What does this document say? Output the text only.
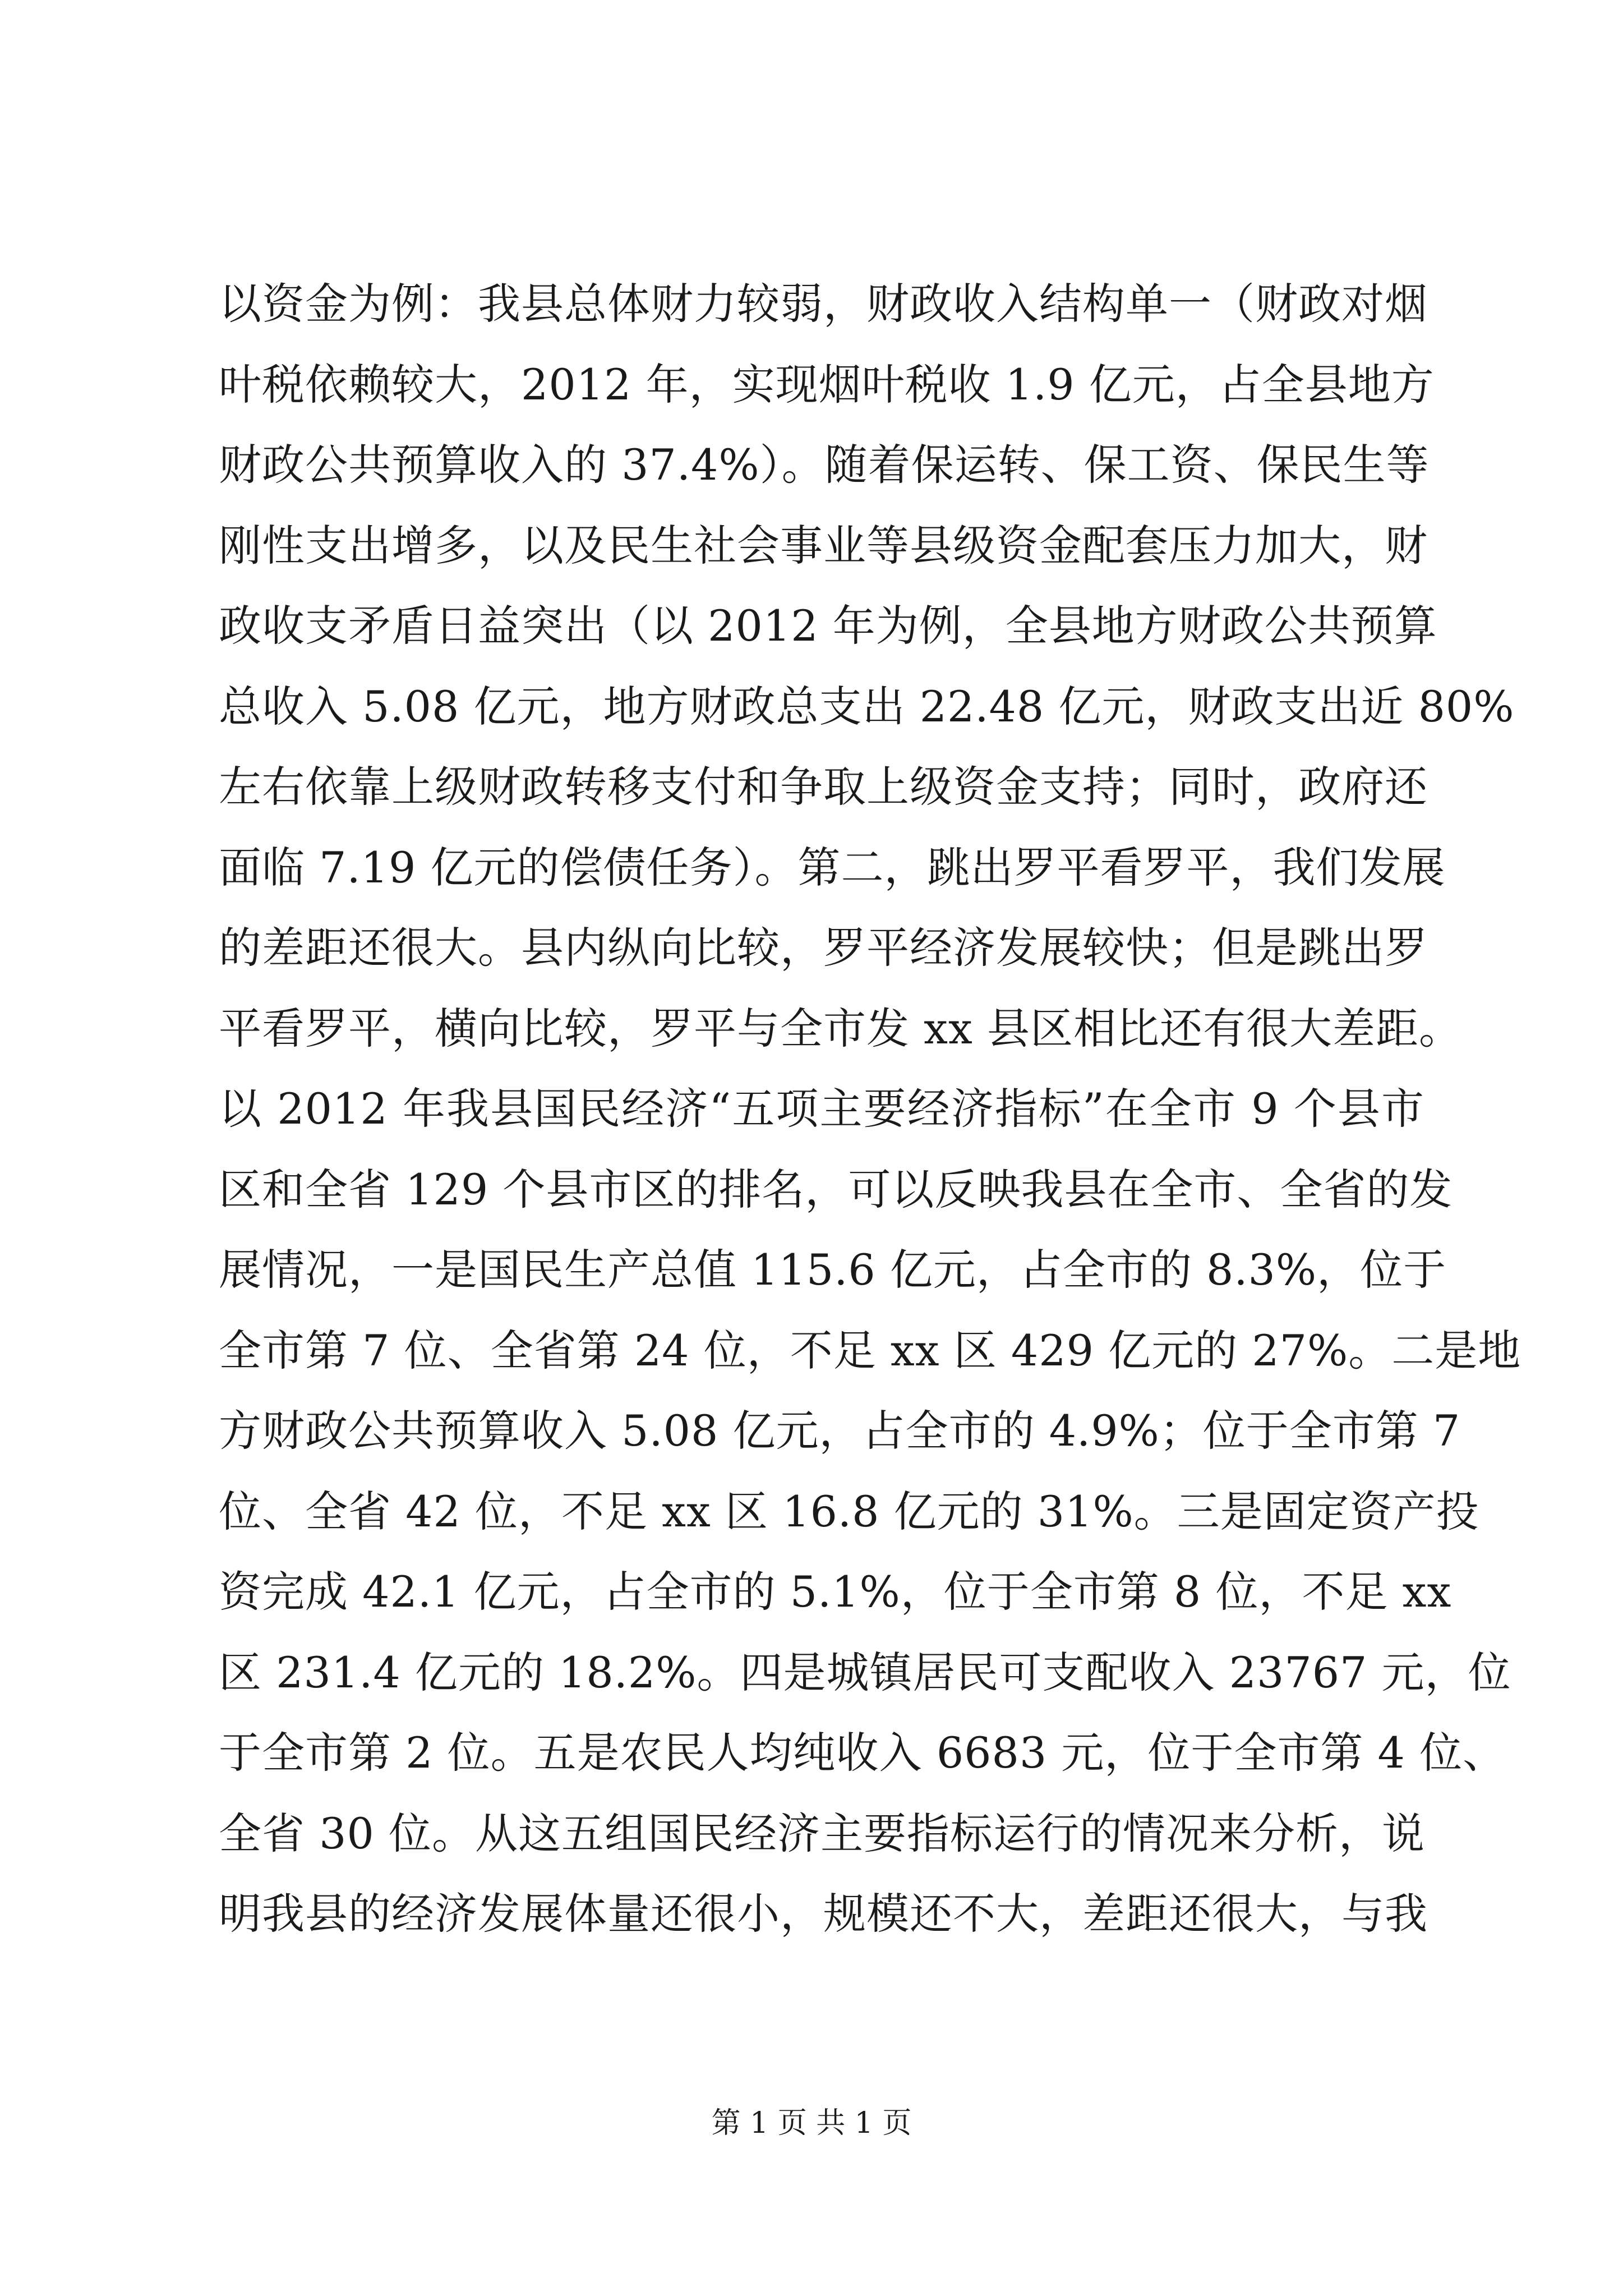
以资金为例：我县总体财力较弱，财政收入结构单一（财政对烟
叶税依赖较大，2012 年，实现烟叶税收 1.9 亿元，占全县地方
财政公共预算收入的 37.4%）。随着保运转、保工资、保民生等
刚性支出增多，以及民生社会事业等县级资金配套压力加大，财
政收支矛盾日益突出（以 2012 年为例，全县地方财政公共预算
总收入 5.08 亿元，地方财政总支出 22.48 亿元，财政支出近 80%
左右依靠上级财政转移支付和争取上级资金支持；同时，政府还
面临 7.19 亿元的偿债任务）。第二，跳出罗平看罗平，我们发展
的差距还很大。县内纵向比较，罗平经济发展较快；但是跳出罗
平看罗平，横向比较，罗平与全市发 xx 县区相比还有很大差距。
以 2012 年我县国民经济“五项主要经济指标”在全市 9 个县市
区和全省 129 个县市区的排名，可以反映我县在全市、全省的发
展情况，一是国民生产总值 115.6 亿元，占全市的 8.3%，位于
全市第 7 位、全省第 24 位，不足 xx 区 429 亿元的 27%。二是地
方财政公共预算收入 5.08 亿元，占全市的 4.9%；位于全市第 7
位、全省 42 位，不足 xx 区 16.8 亿元的 31%。三是固定资产投
资完成 42.1 亿元，占全市的 5.1%，位于全市第 8 位，不足 xx
区 231.4 亿元的 18.2%。四是城镇居民可支配收入 23767 元，位
于全市第 2 位。五是农民人均纯收入 6683 元，位于全市第 4 位、
全省 30 位。从这五组国民经济主要指标运行的情况来分析，说
明我县的经济发展体量还很小，规模还不大，差距还很大，与我
第 1 页 共 1 页
